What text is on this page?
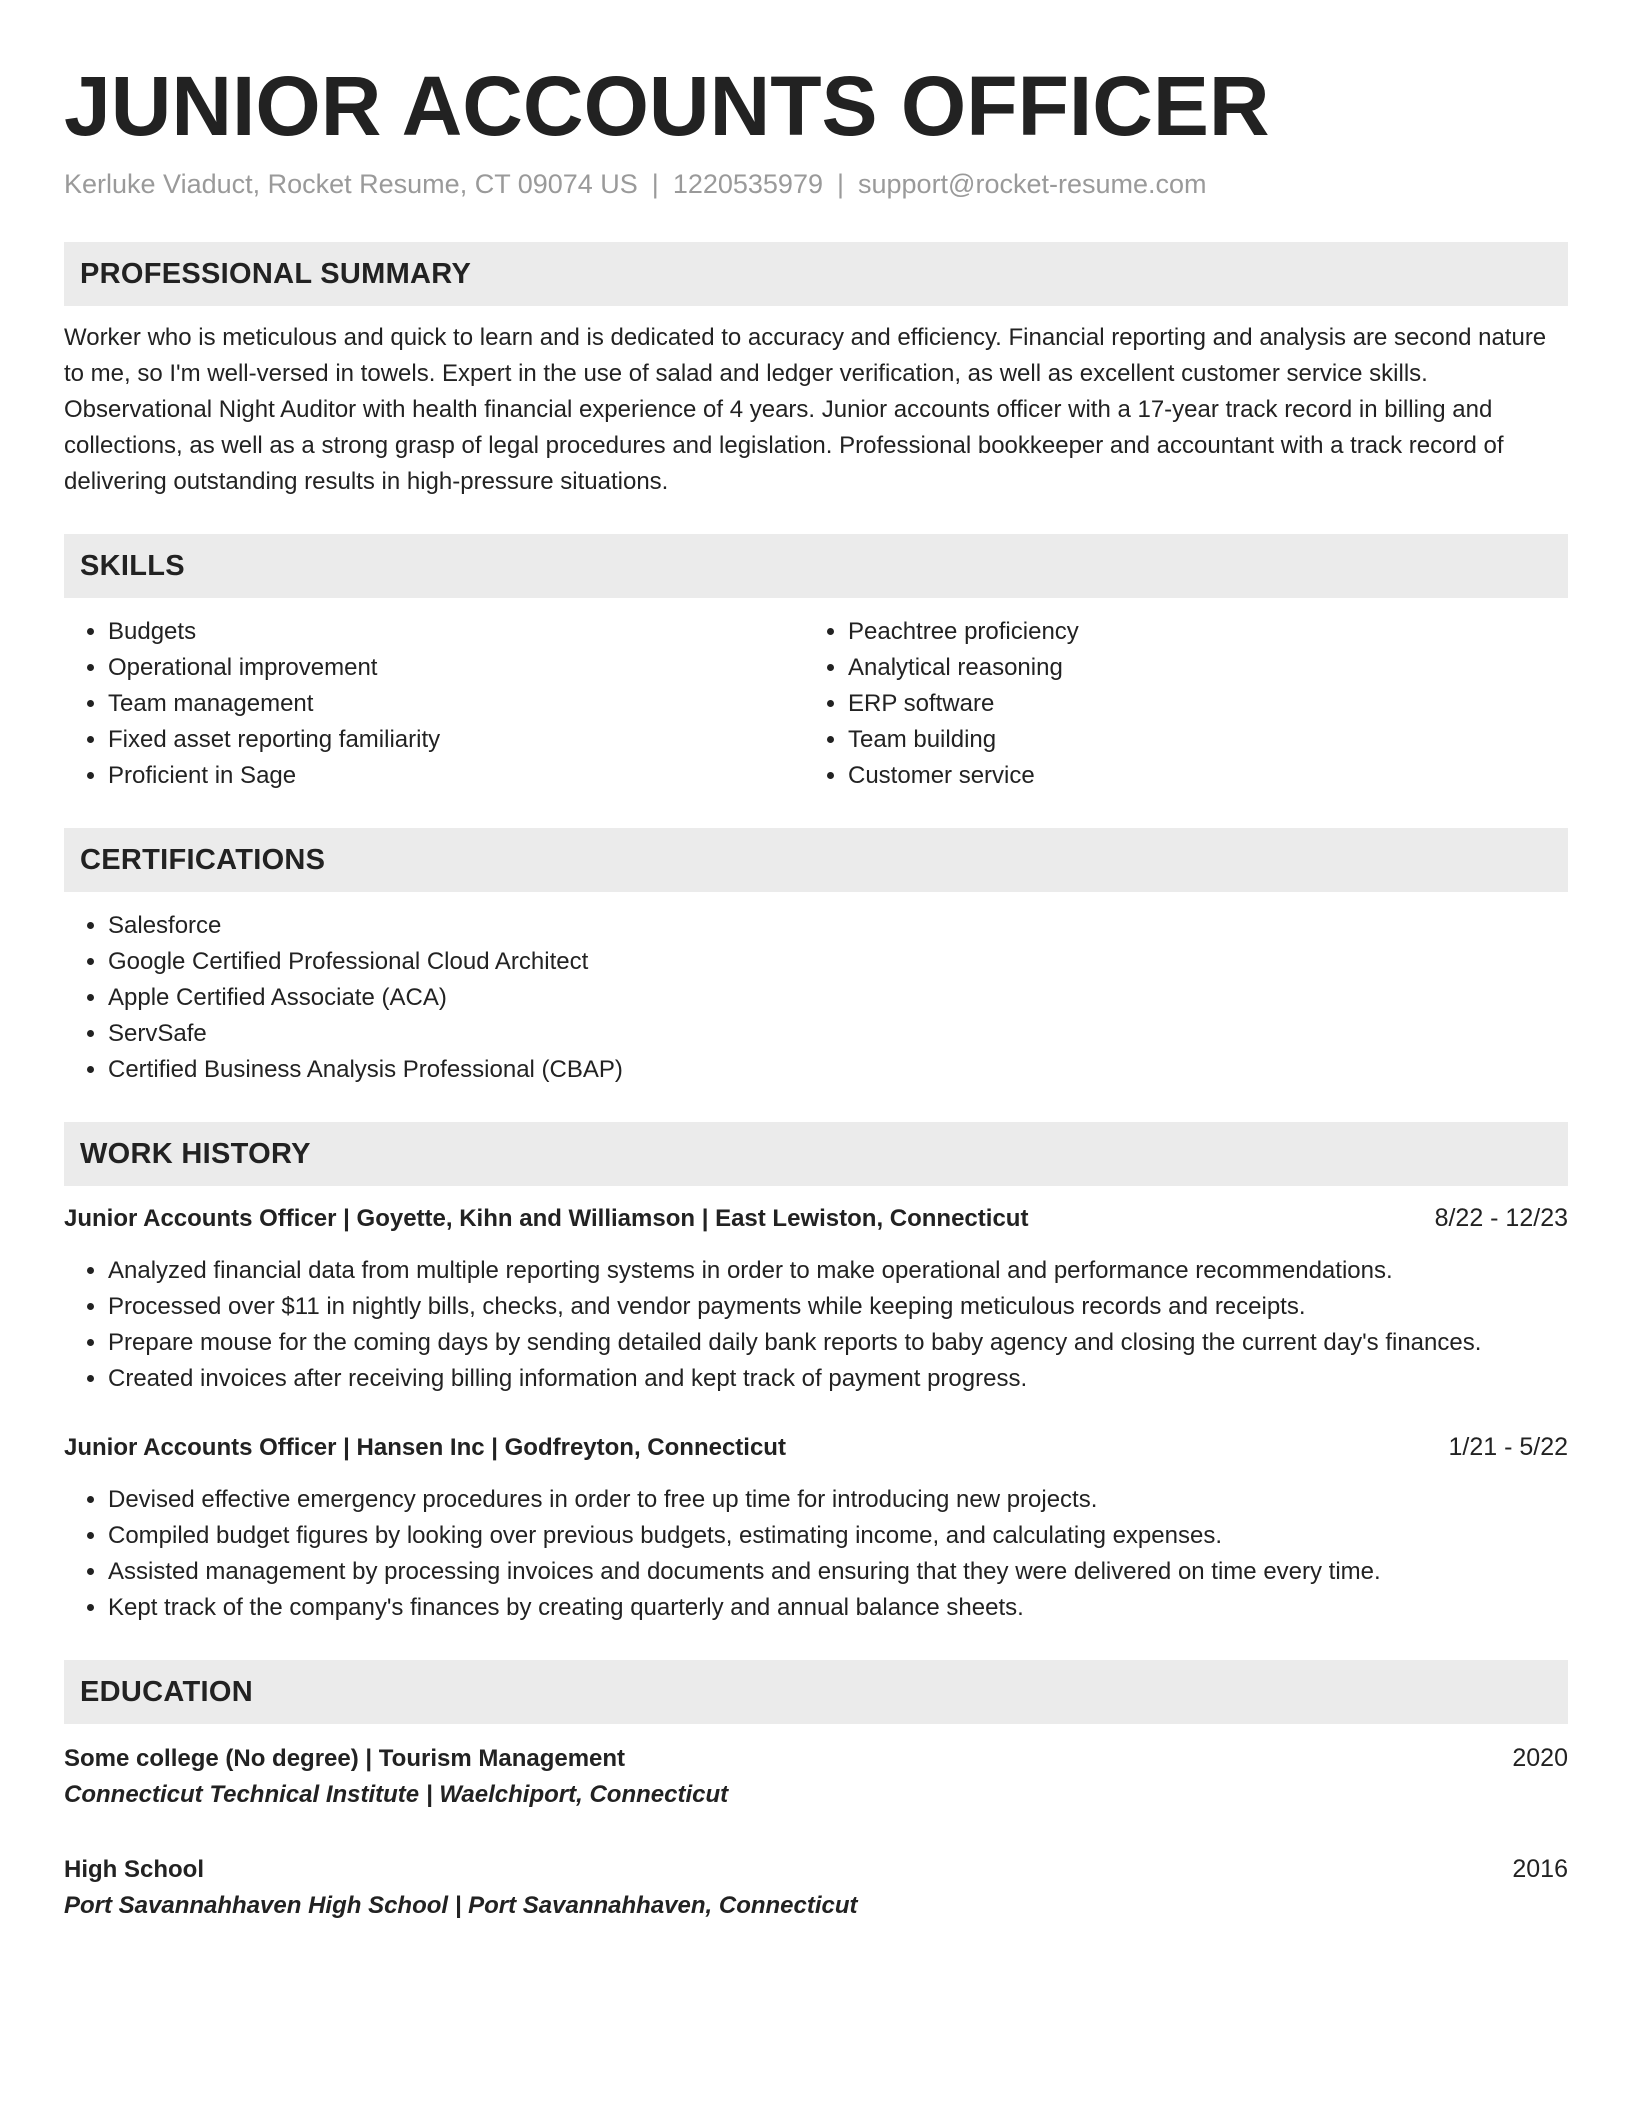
JUNIOR ACCOUNTS OFFICER
Kerluke Viaduct, Rocket Resume, CT 09074 US | 1220535979 | support@rocket-resume.com
PROFESSIONAL SUMMARY

Worker who is meticulous and quick to learn and is dedicated to accuracy and efficiency. Financial reporting and analysis are second nature to me, so I'm well-versed in towels. Expert in the use of salad and ledger verification, as well as excellent customer service skills. Observational Night Auditor with health financial experience of 4 years. Junior accounts officer with a 17-year track record in billing and collections, as well as a strong grasp of legal procedures and legislation. Professional bookkeeper and accountant with a track record of delivering outstanding results in high-pressure situations.

SKILLS
• Budgets
• Operational improvement
• Team management
• Fixed asset reporting familiarity
• Proficient in Sage
• Peachtree proficiency
• Analytical reasoning
• ERP software
• Team building
• Customer service
CERTIFICATIONS
• Salesforce
• Google Certified Professional Cloud Architect
• Apple Certified Associate (ACA)
• ServSafe
• Certified Business Analysis Professional (CBAP)
WORK HISTORY
Junior Accounts Officer | Goyette, Kihn and Williamson | East Lewiston, Connecticut	8/22 - 12/23
• Analyzed financial data from multiple reporting systems in order to make operational and performance recommendations.
• Processed over $11 in nightly bills, checks, and vendor payments while keeping meticulous records and receipts.
• Prepare mouse for the coming days by sending detailed daily bank reports to baby agency and closing the current day's finances.
• Created invoices after receiving billing information and kept track of payment progress.
Junior Accounts Officer | Hansen Inc | Godfreyton, Connecticut	1/21 - 5/22
• Devised effective emergency procedures in order to free up time for introducing new projects.
• Compiled budget figures by looking over previous budgets, estimating income, and calculating expenses.
• Assisted management by processing invoices and documents and ensuring that they were delivered on time every time.
• Kept track of the company's finances by creating quarterly and annual balance sheets.
EDUCATION
Some college (No degree) | Tourism Management	2020
Connecticut Technical Institute | Waelchiport, Connecticut
High School	2016
Port Savannahhaven High School | Port Savannahhaven, Connecticut
